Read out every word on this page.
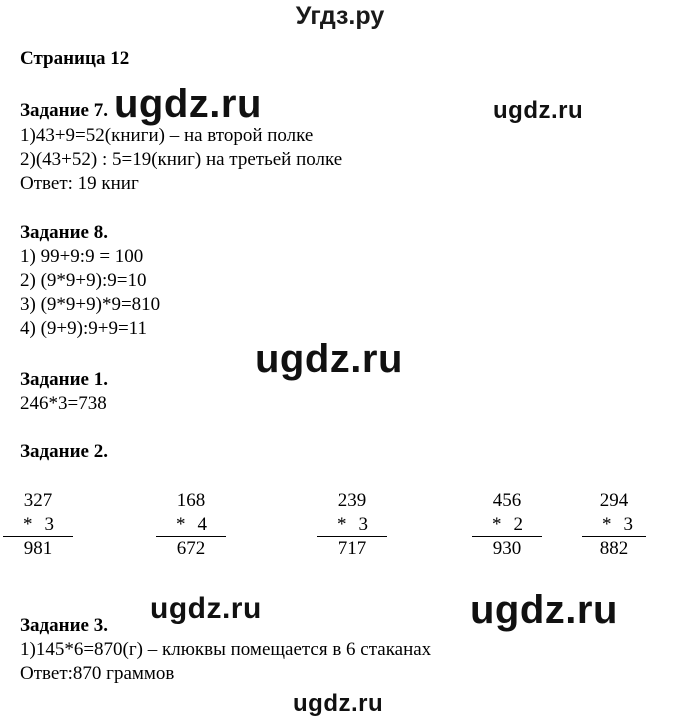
Угдз.ру
Страница 12
Задание 7. ugdz.ru	ugdz.ru
1)43+9=52(книги) – на второй полке
2)(43+52) : 5=19(книг) на третьей полке
Ответ: 19 книг
Задание 8.
1) 99+9:9 = 100
2) (9*9+9):9=10
3) (9*9+9)*9=810
4) (9+9):9+9=11
ugdz.ru
Задание 1.
246*3=738
Задание 2.
327
* 3
981
168
* 4
672
239
* 3
717
456
* 2
930
294
* 3
882
ugdz.ru	ugdz.ru
Задание 3.
1)145*6=870(г) – клюквы помещается в 6 стаканах
Ответ:870 граммов
ugdz.ru
